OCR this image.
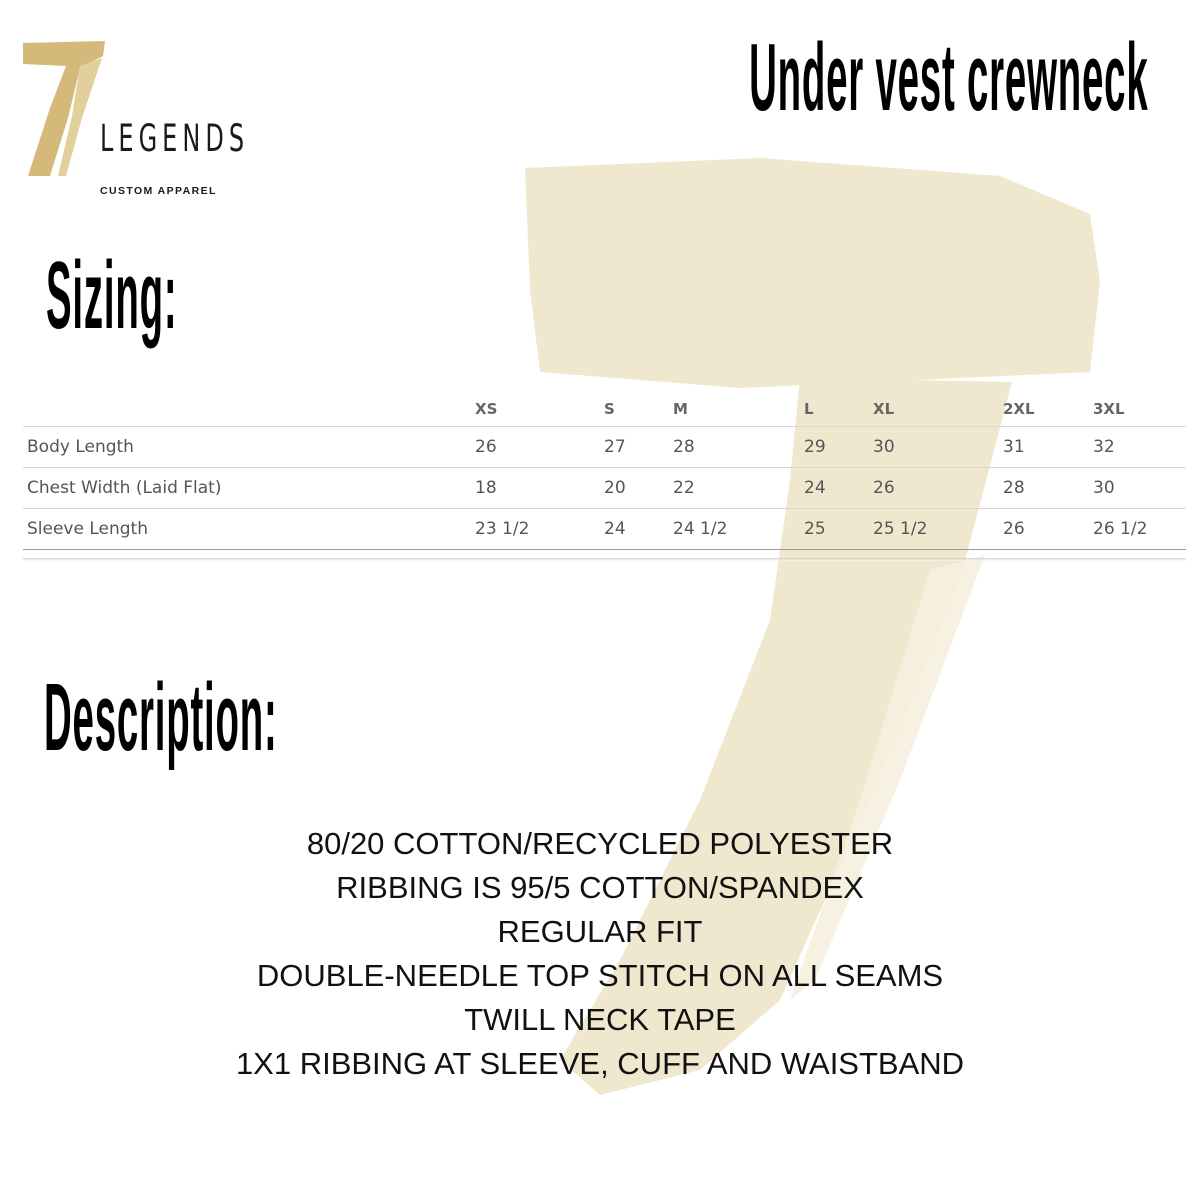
LEGENDS
CUSTOM APPAREL
Under vest crewneck
Sizing:
	XS	S	M	L	XL	2XL	3XL
Body Length	26	27	28	29	30	31	32
Chest Width (Laid Flat)	18	20	22	24	26	28	30
Sleeve Length	23 1/2	24	24 1/2	25	25 1/2	26	26 1/2
Description:
80/20 COTTON/RECYCLED POLYESTER
RIBBING IS 95/5 COTTON/SPANDEX
REGULAR FIT
DOUBLE-NEEDLE TOP STITCH ON ALL SEAMS
TWILL NECK TAPE
1X1 RIBBING AT SLEEVE, CUFF AND WAISTBAND
